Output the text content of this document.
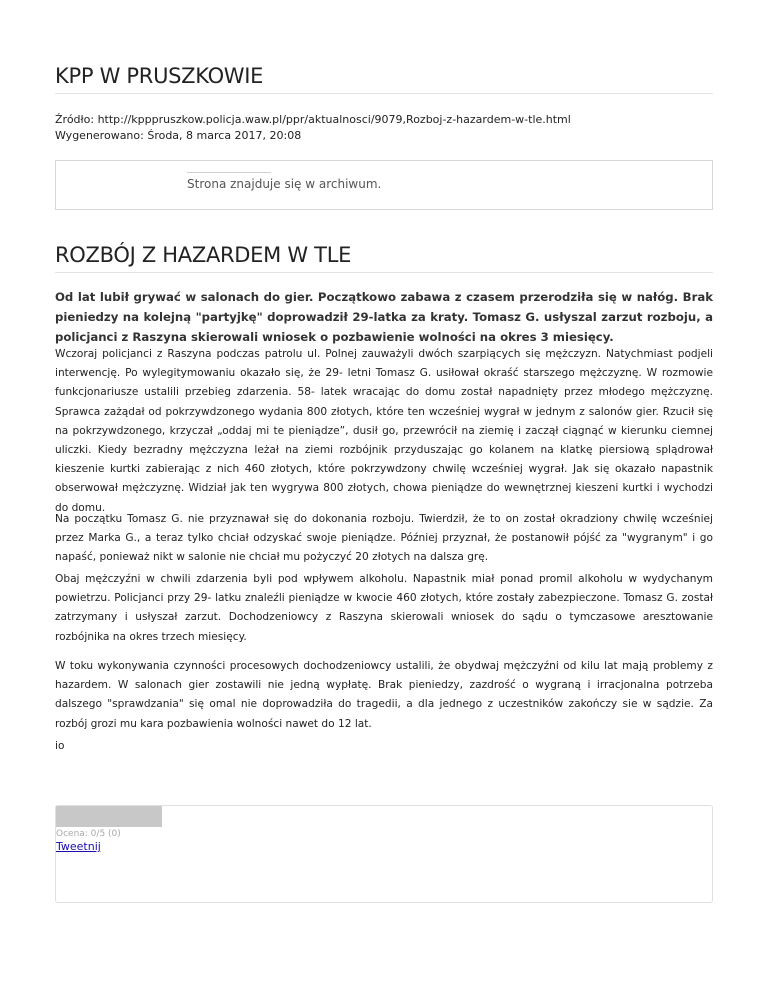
KPP W PRUSZKOWIE
Źródło: http://kpppruszkow.policja.waw.pl/ppr/aktualnosci/9079,Rozboj-z-hazardem-w-tle.html
Wygenerowano: Środa, 8 marca 2017, 20:08
Strona znajduje się w archiwum.
ROZBÓJ Z HAZARDEM W TLE

Od lat lubił grywać w salonach do gier. Początkowo zabawa z czasem przerodziła się w nałóg. Brak pieniedzy na kolejną "partyjkę" doprowadził 29-latka za kraty. Tomasz G. usłyszal zarzut rozboju, a policjanci z Raszyna skierowali wniosek o pozbawienie wolności na okres 3 miesięcy.

Wczoraj policjanci z Raszyna podczas patrolu ul. Polnej zauważyli dwóch szarpiących się mężczyzn. Natychmiast podjeli interwencję. Po wylegitymowaniu okazało się, że 29- letni Tomasz G. usiłował okraść starszego mężczyznę. W rozmowie funkcjonariusze ustalili przebieg zdarzenia. 58- latek wracając do domu został napadnięty przez młodego mężczyznę. Sprawca zażądał od pokrzywdzonego wydania 800 złotych, które ten wcześniej wygrał w jednym z salonów gier. Rzucił się na pokrzywdzonego, krzyczał „oddaj mi te pieniądze”, dusił go, przewrócił na ziemię i zaczął ciągnąć w kierunku ciemnej uliczki. Kiedy bezradny mężczyzna leżał na ziemi rozbójnik przyduszając go kolanem na klatkę piersiową splądrował kieszenie kurtki zabierając z nich 460 złotych, które pokrzywdzony chwilę wcześniej wygrał. Jak się okazało napastnik obserwował mężczyznę. Widział jak ten wygrywa 800 złotych, chowa pieniądze do wewnętrznej kieszeni kurtki i wychodzi do domu.

Na początku Tomasz G. nie przyznawał się do dokonania rozboju. Twierdził, że to on został okradziony chwilę wcześniej przez Marka G., a teraz tylko chciał odzyskać swoje pieniądze. Później przyznał, że postanowił pójść za "wygranym" i go napaść, ponieważ nikt w salonie nie chciał mu pożyczyć 20 złotych na dalsza grę.

Obaj mężczyźni w chwili zdarzenia byli pod wpływem alkoholu. Napastnik miał ponad promil alkoholu w wydychanym powietrzu. Policjanci przy 29- latku znaleźli pieniądze w kwocie 460 złotych, które zostały zabezpieczone. Tomasz G. został zatrzymany i usłyszał zarzut. Dochodzeniowcy z Raszyna skierowali wniosek do sądu o tymczasowe aresztowanie rozbójnika na okres trzech miesięcy.

W toku wykonywania czynności procesowych dochodzeniowcy ustalili, że obydwaj mężczyźni od kilu lat mają problemy z hazardem. W salonach gier zostawili nie jedną wypłatę. Brak pieniedzy, zazdrość o wygraną i irracjonalna potrzeba dalszego "sprawdzania" się omal nie doprowadziła do tragedii, a dla jednego z uczestników zakończy sie w sądzie. Za rozbój grozi mu kara pozbawienia wolności nawet do 12 lat.

io

Ocena: 0/5 (0)
Tweetnij
